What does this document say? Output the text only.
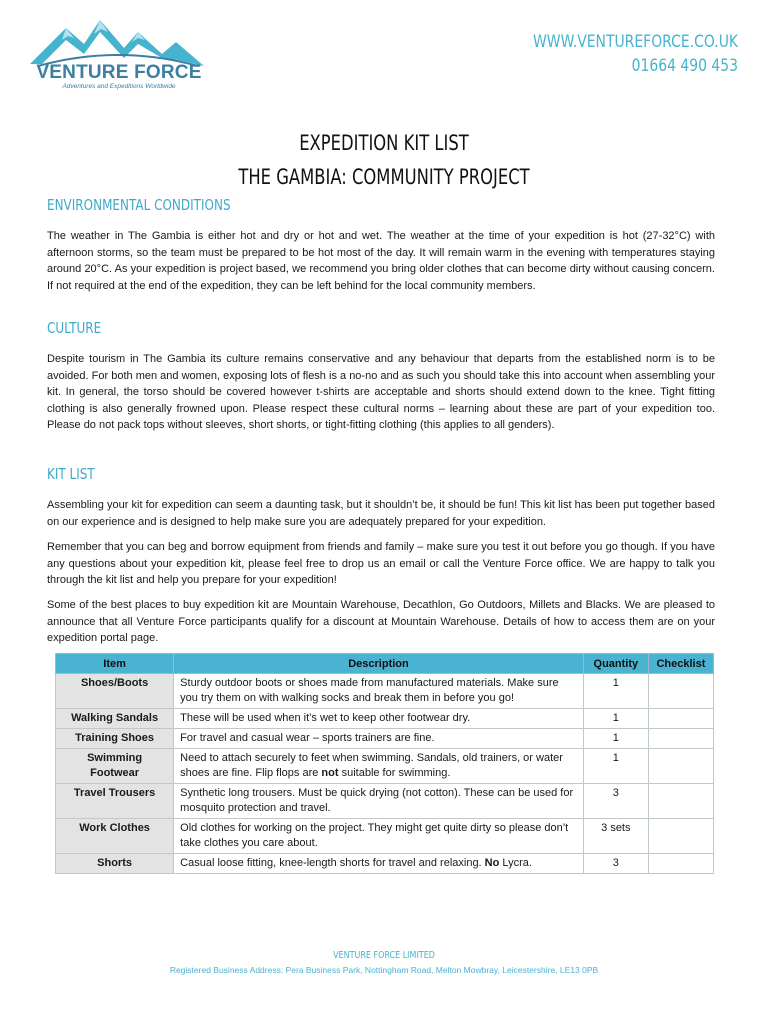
VENTURE FORCE
Adventures and Expeditions Worldwide
WWW.VENTUREFORCE.CO.UK
01664 490 453
EXPEDITION KIT LIST
THE GAMBIA: COMMUNITY PROJECT
ENVIRONMENTAL CONDITIONS

The weather in The Gambia is either hot and dry or hot and wet. The weather at the time of your expedition is hot (27-32°C) with afternoon storms, so the team must be prepared to be hot most of the day. It will remain warm in the evening with temperatures staying around 20°C. As your expedition is project based, we recommend you bring older clothes that can become dirty without causing concern. If not required at the end of the expedition, they can be left behind for the local community members.

CULTURE

Despite tourism in The Gambia its culture remains conservative and any behaviour that departs from the established norm is to be avoided. For both men and women, exposing lots of flesh is a no-no and as such you should take this into account when assembling your kit. In general, the torso should be covered however t-shirts are acceptable and shorts should extend down to the knee. Tight fitting clothing is also generally frowned upon. Please respect these cultural norms – learning about these are part of your expedition too. Please do not pack tops without sleeves, short shorts, or tight-fitting clothing (this applies to all genders).

KIT LIST

Assembling your kit for expedition can seem a daunting task, but it shouldn’t be, it should be fun! This kit list has been put together based on our experience and is designed to help make sure you are adequately prepared for your expedition.

Remember that you can beg and borrow equipment from friends and family – make sure you test it out before you go though. If you have any questions about your expedition kit, please feel free to drop us an email or call the Venture Force office. We are happy to talk you through the kit list and help you prepare for your expedition!

Some of the best places to buy expedition kit are Mountain Warehouse, Decathlon, Go Outdoors, Millets and Blacks. We are pleased to announce that all Venture Force participants qualify for a discount at Mountain Warehouse. Details of how to access them are on your expedition portal page.

Item	Description	Quantity	Checklist
Shoes/Boots	Sturdy outdoor boots or shoes made from manufactured materials. Make sure you try them on with walking socks and break them in before you go!	1	
Walking Sandals	These will be used when it’s wet to keep other footwear dry.	1	
Training Shoes	For travel and casual wear – sports trainers are fine.	1	
Swimming Footwear	Need to attach securely to feet when swimming. Sandals, old trainers, or water shoes are fine. Flip flops are not suitable for swimming.	1	
Travel Trousers	Synthetic long trousers. Must be quick drying (not cotton). These can be used for mosquito protection and travel.	3	
Work Clothes	Old clothes for working on the project. They might get quite dirty so please don’t take clothes you care about.	3 sets	
Shorts	Casual loose fitting, knee-length shorts for travel and relaxing. No Lycra.	3	
VENTURE FORCE LIMITED
Registered Business Address: Pera Business Park, Nottingham Road, Melton Mowbray, Leicestershire, LE13 0PB
